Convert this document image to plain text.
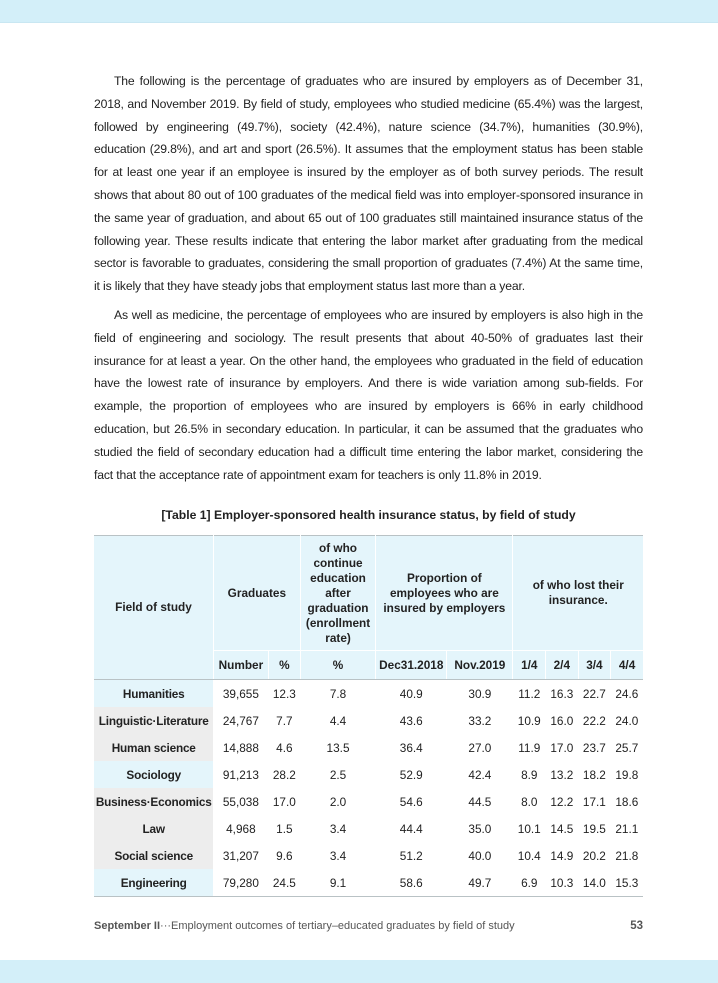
The following is the percentage of graduates who are insured by employers as of December 31, 2018, and November 2019. By field of study, employees who studied medicine (65.4%) was the largest, followed by engineering (49.7%), society (42.4%), nature science (34.7%), humanities (30.9%), education (29.8%), and art and sport (26.5%). It assumes that the employment status has been stable for at least one year if an employee is insured by the employer as of both survey periods. The result shows that about 80 out of 100 graduates of the medical field was into employer-sponsored insurance in the same year of graduation, and about 65 out of 100 graduates still maintained insurance status of the following year. These results indicate that entering the labor market after graduating from the medical sector is favorable to graduates, considering the small proportion of graduates (7.4%) At the same time, it is likely that they have steady jobs that employment status last more than a year.

As well as medicine, the percentage of employees who are insured by employers is also high in the field of engineering and sociology. The result presents that about 40-50% of graduates last their insurance for at least a year. On the other hand, the employees who graduated in the field of education have the lowest rate of insurance by employers. And there is wide variation among sub-fields. For example, the proportion of employees who are insured by employers is 66% in early childhood education, but 26.5% in secondary education. In particular, it can be assumed that the graduates who studied the field of secondary education had a difficult time entering the labor market, considering the fact that the acceptance rate of appointment exam for teachers is only 11.8% in 2019.

[Table 1] Employer-sponsored health insurance status, by field of study
Field of study	Graduates		of who continue education after graduation (enrollment rate)	Proportion of employees who are insured by employers		of who lost their insurance.			
	Number	%	%	Dec31.2018	Nov.2019	1/4	2/4	3/4	4/4
Humanities	39,655	12.3	7.8	40.9	30.9	11.2	16.3	22.7	24.6
Linguistic·Literature	24,767	7.7	4.4	43.6	33.2	10.9	16.0	22.2	24.0
Human science	14,888	4.6	13.5	36.4	27.0	11.9	17.0	23.7	25.7
Sociology	91,213	28.2	2.5	52.9	42.4	8.9	13.2	18.2	19.8
Business·Economics	55,038	17.0	2.0	54.6	44.5	8.0	12.2	17.1	18.6
Law	4,968	1.5	3.4	44.4	35.0	10.1	14.5	19.5	21.1
Social science	31,207	9.6	3.4	51.2	40.0	10.4	14.9	20.2	21.8
Engineering	79,280	24.5	9.1	58.6	49.7	6.9	10.3	14.0	15.3
September II···Employment outcomes of tertiary–educated graduates by field of study	53
